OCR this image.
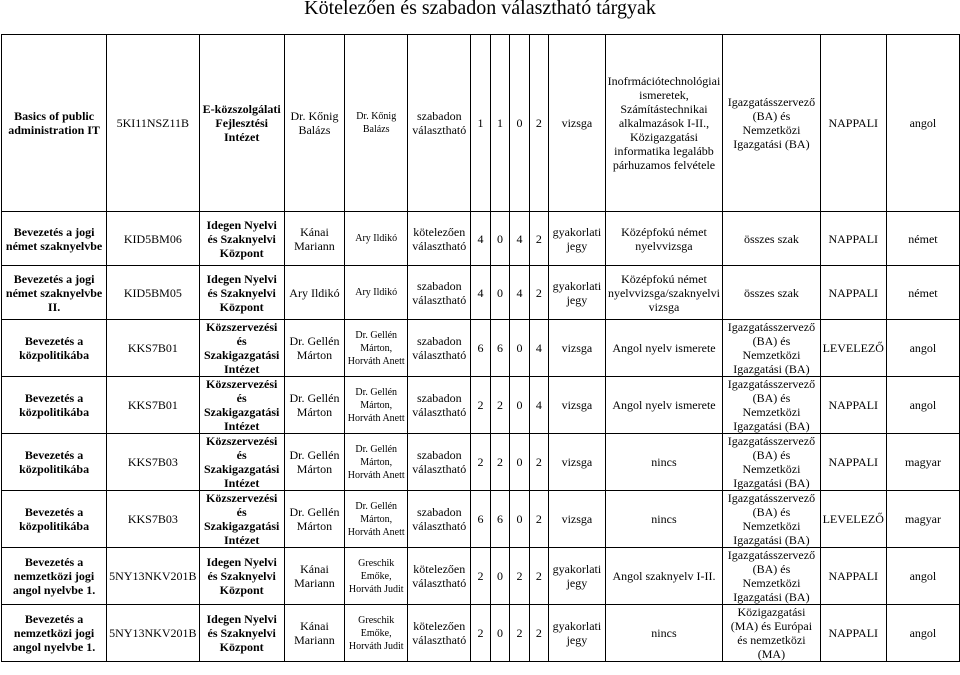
Kötelezően és szabadon választható tárgyak
Basics of public administration IT	5KI11NSZ11B	E-közszolgálati Fejlesztési Intézet	Dr. Kőnig Balázs	Dr. Kőnig Balázs	szabadon választható	1	1	0	2	vizsga	Inofrmációtechnológiai ismeretek, Számítástechnikai alkalmazások I-II., Közigazgatási informatika legalább párhuzamos felvétele	Igazgatásszervező (BA) és Nemzetközi Igazgatási (BA)	NAPPALI	angol
Bevezetés a jogi német szaknyelvbe	KID5BM06	Idegen Nyelvi és Szaknyelvi Központ	Kánai Mariann	Ary Ildikó	kötelezően választható	4	0	4	2	gyakorlati jegy	Középfokú német nyelvvizsga	összes szak	NAPPALI	német
Bevezetés a jogi német szaknyelvbe II.	KID5BM05	Idegen Nyelvi és Szaknyelvi Központ	Ary Ildikó	Ary Ildikó	szabadon választható	4	0	4	2	gyakorlati jegy	Középfokú német nyelvvizsga/szaknyelvi vizsga	összes szak	NAPPALI	német
Bevezetés a közpolitikába	KKS7B01	Közszervezési és Szakigazgatási Intézet	Dr. Gellén Márton	Dr. Gellén Márton, Horváth Anett	szabadon választható	6	6	0	4	vizsga	Angol nyelv ismerete	Igazgatásszervező (BA) és Nemzetközi Igazgatási (BA)	LEVELEZŐ	angol
Bevezetés a közpolitikába	KKS7B01	Közszervezési és Szakigazgatási Intézet	Dr. Gellén Márton	Dr. Gellén Márton, Horváth Anett	szabadon választható	2	2	0	4	vizsga	Angol nyelv ismerete	Igazgatásszervező (BA) és Nemzetközi Igazgatási (BA)	NAPPALI	angol
Bevezetés a közpolitikába	KKS7B03	Közszervezési és Szakigazgatási Intézet	Dr. Gellén Márton	Dr. Gellén Márton, Horváth Anett	szabadon választható	2	2	0	2	vizsga	nincs	Igazgatásszervező (BA) és Nemzetközi Igazgatási (BA)	NAPPALI	magyar
Bevezetés a közpolitikába	KKS7B03	Közszervezési és Szakigazgatási Intézet	Dr. Gellén Márton	Dr. Gellén Márton, Horváth Anett	szabadon választható	6	6	0	2	vizsga	nincs	Igazgatásszervező (BA) és Nemzetközi Igazgatási (BA)	LEVELEZŐ	magyar
Bevezetés a nemzetközi jogi angol nyelvbe 1.	5NY13NKV201B	Idegen Nyelvi és Szaknyelvi Központ	Kánai Mariann	Greschik Emőke, Horváth Judit	kötelezően választható	2	0	2	2	gyakorlati jegy	Angol szaknyelv I-II.	Igazgatásszervező (BA) és Nemzetközi Igazgatási (BA)	NAPPALI	angol
Bevezetés a nemzetközi jogi angol nyelvbe 1.	5NY13NKV201B	Idegen Nyelvi és Szaknyelvi Központ	Kánai Mariann	Greschik Emőke, Horváth Judit	kötelezően választható	2	0	2	2	gyakorlati jegy	nincs	Közigazgatási (MA) és Európai és nemzetközi (MA)	NAPPALI	angol
